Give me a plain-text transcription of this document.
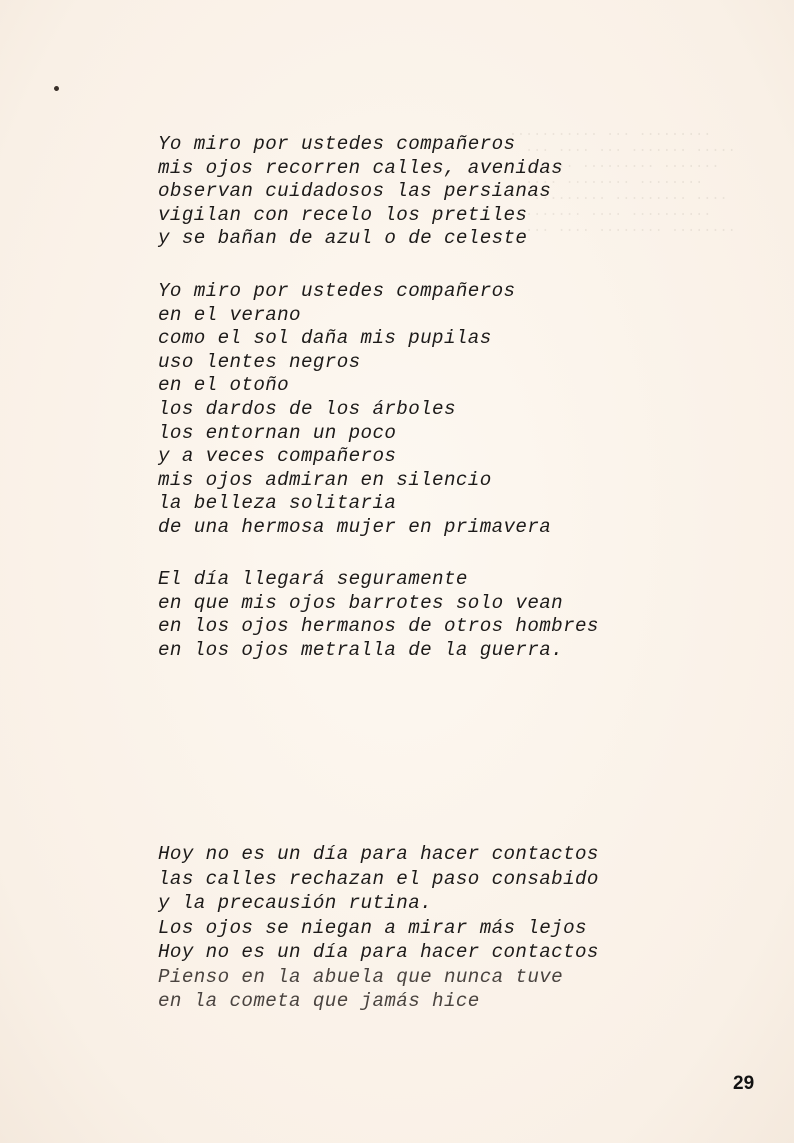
········· ··· ···········
····· ······· ··· ···· ···
······· ········· ···· ·
········ ········ ····
···· ········· ·········
·········· ···· ·······
········ ········ ···· ···
Yo miro por ustedes compañeros
mis ojos recorren calles, avenidas
observan cuidadosos las persianas
vigilan con recelo los pretiles
y se bañan de azul o de celeste
Yo miro por ustedes compañeros
en el verano
como el sol daña mis pupilas
uso lentes negros
en el otoño
los dardos de los árboles
los entornan un poco
y a veces compañeros
mis ojos admiran en silencio
la belleza solitaria
de una hermosa mujer en primavera
El día llegará seguramente
en que mis ojos barrotes solo vean
en los ojos hermanos de otros hombres
en los ojos metralla de la guerra.
Hoy no es un día para hacer contactos
las calles rechazan el paso consabido
y la precausión rutina.
Los ojos se niegan a mirar más lejos
Hoy no es un día para hacer contactos
Pienso en la abuela que nunca tuve
en la cometa que jamás hice
29
